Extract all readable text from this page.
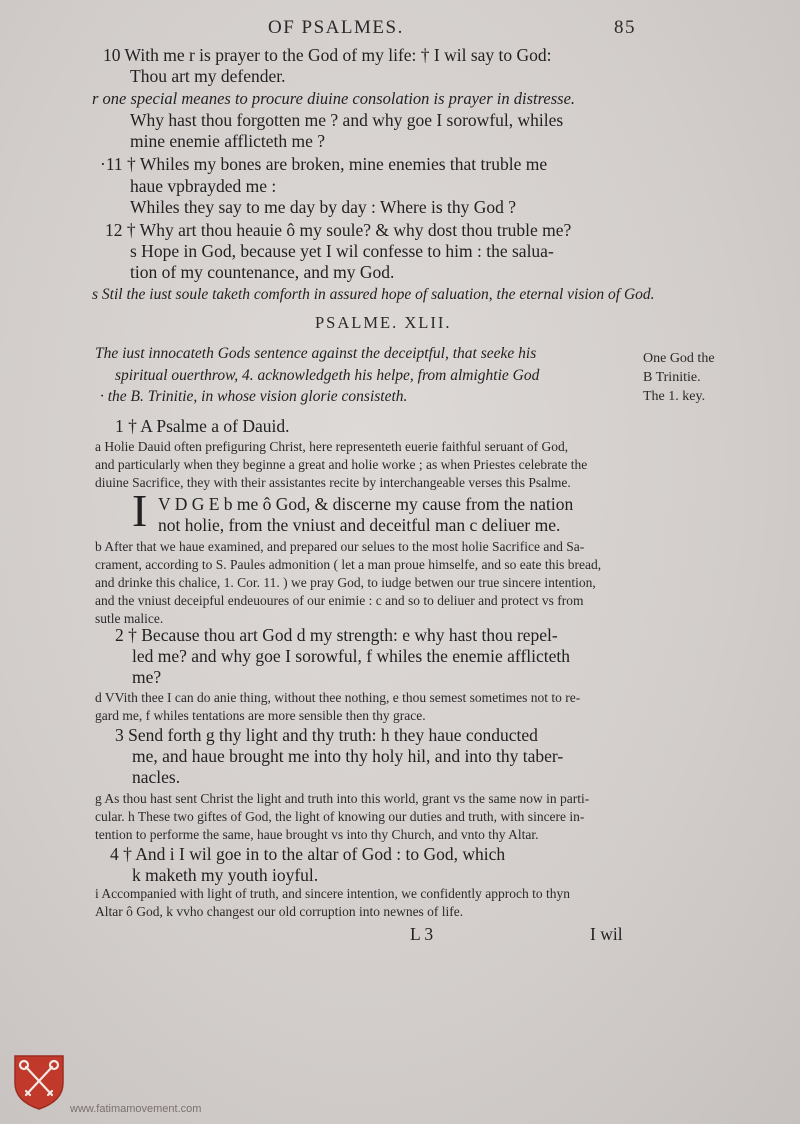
OF PSALMES.	85
10 With me r is prayer to the God of my life: † I wil say to God:
Thou art my defender.
r one special meanes to procure diuine consolation is prayer in distresse.
Why hast thou forgotten me ? and why goe I sorowful, whiles
mine enemie afflicteth me ?
·11 † Whiles my bones are broken, mine enemies that truble me
haue vpbrayded me :
Whiles they say to me day by day : Where is thy God ?
12 † Why art thou heauie ô my soule? & why dost thou truble me?
s Hope in God, because yet I wil confesse to him : the salua-
tion of my countenance, and my God.
s Stil the iust soule taketh comforth in assured hope of saluation, the eternal vision of God.
PSALME. XLII.
The iust innocateth Gods sentence against the deceiptful, that seeke his
spiritual ouerthrow, 4. acknowledgeth his helpe, from almightie God
· the B. Trinitie, in whose vision glorie consisteth.
One God the
B Trinitie.
The 1. key.
1 † A Psalme a of Dauid.
a Holie Dauid often prefiguring Christ, here representeth euerie faithful seruant of God,
and particularly when they beginne a great and holie worke ; as when Priestes celebrate the
diuine Sacrifice, they with their assistantes recite by interchangeable verses this Psalme.
I V D G E b me ô God, & discerne my cause from the nation
not holie, from the vniust and deceitful man c deliuer me.
b After that we haue examined, and prepared our selues to the most holie Sacrifice and Sa-
crament, according to S. Paules admonition ( let a man proue himselfe, and so eate this bread,
and drinke this chalice, 1. Cor. 11. ) we pray God, to iudge betwen our true sincere intention,
and the vniust deceipful endeuoures of our enimie : c and so to deliuer and protect vs from
sutle malice.
2 † Because thou art God d my strength: e why hast thou repel-
led me? and why goe I sorowful, f whiles the enemie afflicteth
me?
d VVith thee I can do anie thing, without thee nothing, e thou semest sometimes not to re-
gard me, f whiles tentations are more sensible then thy grace.
3 Send forth g thy light and thy truth: h they haue conducted
me, and haue brought me into thy holy hil, and into thy taber-
nacles.
g As thou hast sent Christ the light and truth into this world, grant vs the same now in parti-
cular. h These two giftes of God, the light of knowing our duties and truth, with sincere in-
tention to performe the same, haue brought vs into thy Church, and vnto thy Altar.
4 † And i I wil goe in to the altar of God : to God, which
k maketh my youth ioyful.
i Accompanied with light of truth, and sincere intention, we confidently approch to thyn
Altar ô God, k vvho changest our old corruption into newnes of life.
L 3	I wil
www.fatimamovement.com
